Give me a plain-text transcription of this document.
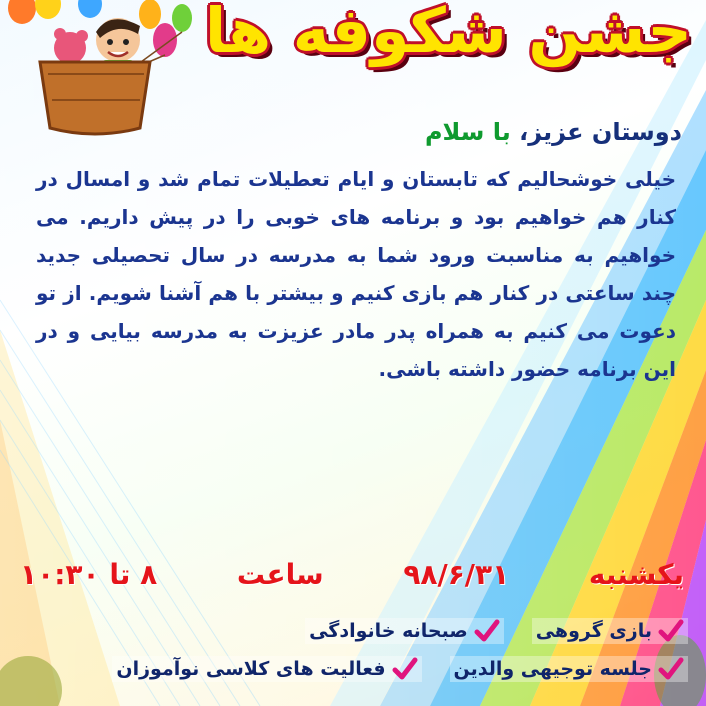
جشن شکوفه ها
دوستان عزیز، با سلام
خیلی خوشحالیم که تابستان و ایام تعطیلات تمام شد و امسال در کنار هم خواهیم بود و برنامه های خوبی را در پیش داریم. می خواهیم به مناسبت ورود شما به مدرسه در سال تحصیلی جدید چند ساعتی در کنار هم بازی کنیم و بیشتر با هم آشنا شویم. از تو دعوت می کنیم به همراه پدر مادر عزیزت به مدرسه بیایی و در این برنامه حضور داشته باشی.
یکشنبه
۹۸/۶/۳۱
ساعت
۸ تا ۱۰:۳۰
بازی گروهی
صبحانه خانوادگی
جلسه توجیهی والدین
فعالیت های کلاسی نوآموزان
